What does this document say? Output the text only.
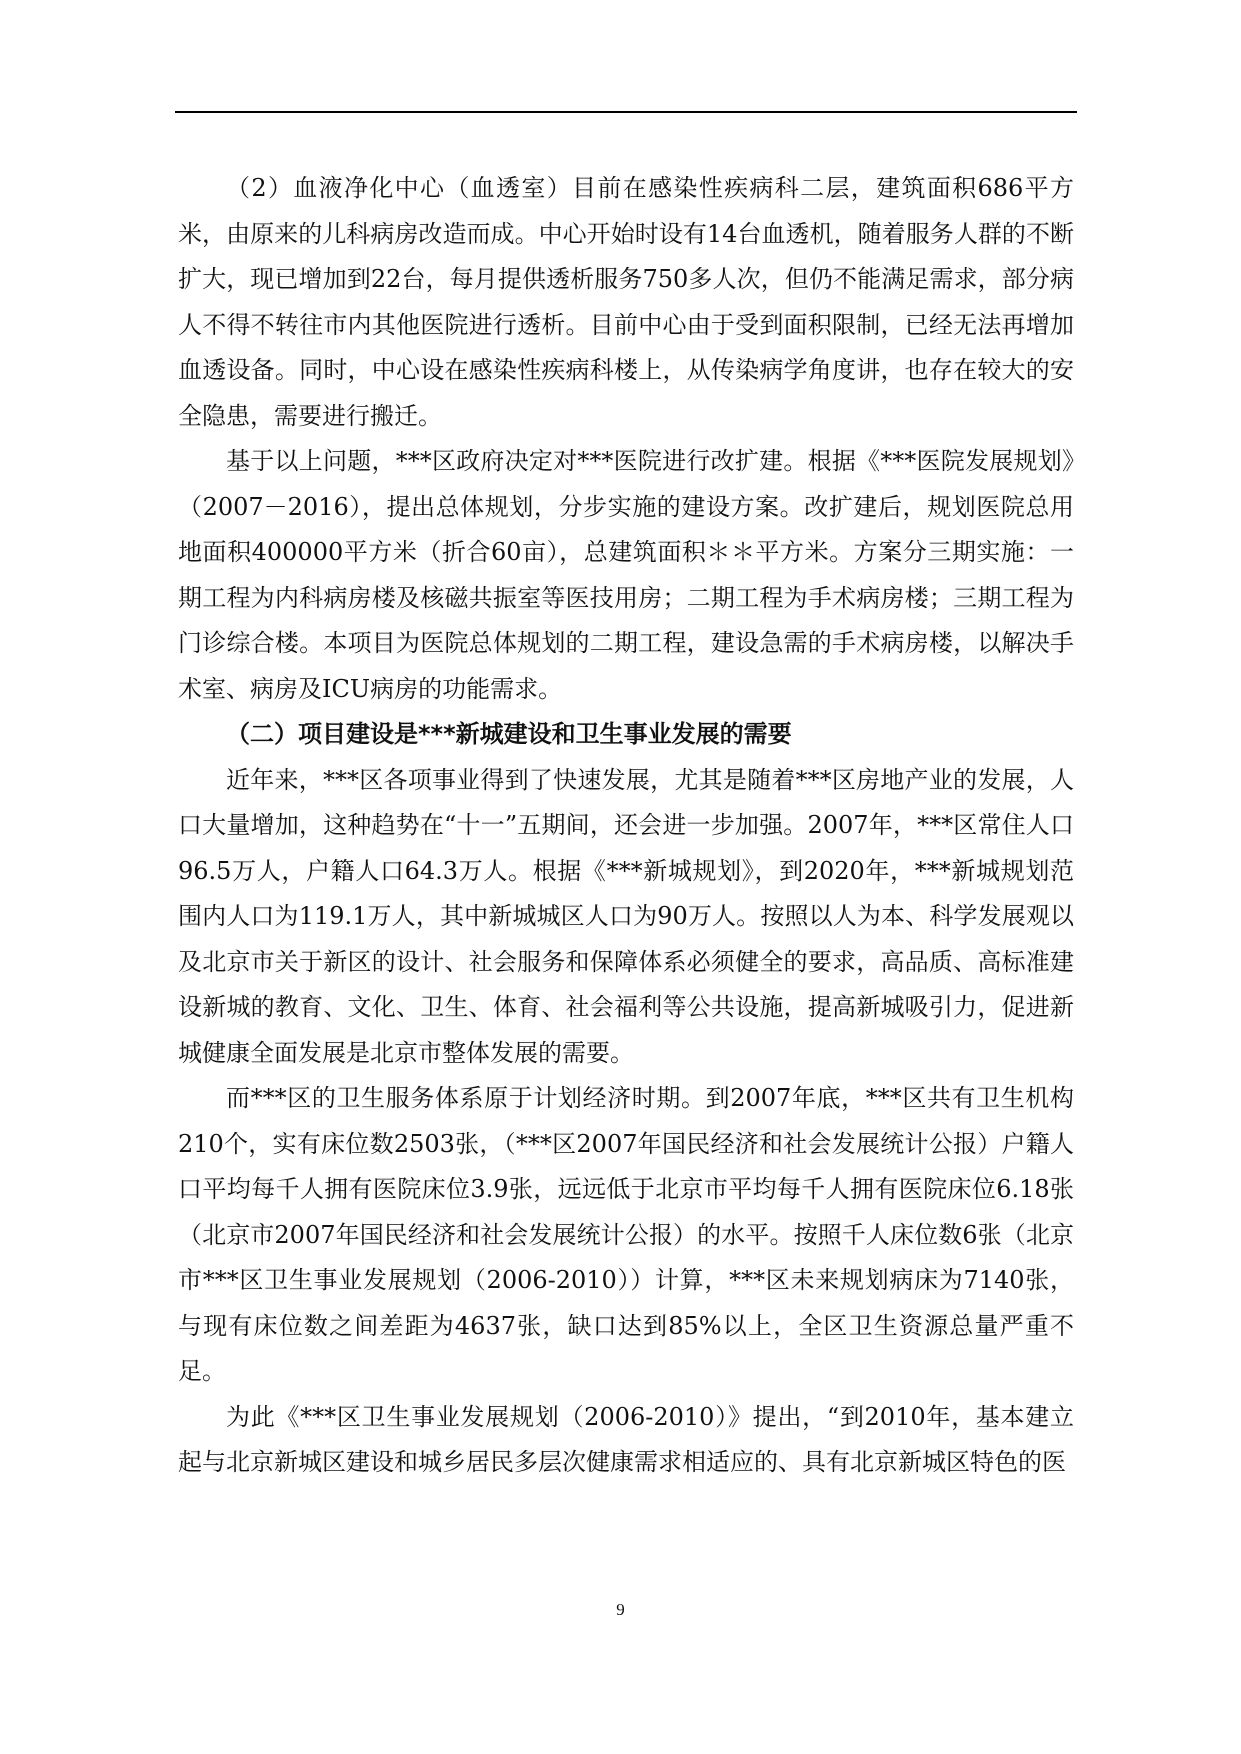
（2）血液净化中心（血透室）目前在感染性疾病科二层，建筑面积686平方米，由原来的儿科病房改造而成。中心开始时设有14台血透机，随着服务人群的不断扩大，现已增加到22台，每月提供透析服务750多人次，但仍不能满足需求，部分病人不得不转往市内其他医院进行透析。目前中心由于受到面积限制，已经无法再增加血透设备。同时，中心设在感染性疾病科楼上，从传染病学角度讲，也存在较大的安全隐患，需要进行搬迁。

基于以上问题，***区政府决定对***医院进行改扩建。根据《***医院发展规划》（2007－2016），提出总体规划，分步实施的建设方案。改扩建后，规划医院总用地面积400000平方米（折合60亩），总建筑面积＊＊平方米。方案分三期实施：一期工程为内科病房楼及核磁共振室等医技用房；二期工程为手术病房楼；三期工程为门诊综合楼。本项目为医院总体规划的二期工程，建设急需的手术病房楼，以解决手术室、病房及ICU病房的功能需求。

（二）项目建设是***新城建设和卫生事业发展的需要

近年来，***区各项事业得到了快速发展，尤其是随着***区房地产业的发展，人口大量增加，这种趋势在“十一”五期间，还会进一步加强。2007年，***区常住人口96.5万人，户籍人口64.3万人。根据《***新城规划》，到2020年，***新城规划范围内人口为119.1万人，其中新城城区人口为90万人。按照以人为本、科学发展观以及北京市关于新区的设计、社会服务和保障体系必须健全的要求，高品质、高标准建设新城的教育、文化、卫生、体育、社会福利等公共设施，提高新城吸引力，促进新城健康全面发展是北京市整体发展的需要。

而***区的卫生服务体系原于计划经济时期。到2007年底，***区共有卫生机构210个，实有床位数2503张，（***区2007年国民经济和社会发展统计公报）户籍人口平均每千人拥有医院床位3.9张，远远低于北京市平均每千人拥有医院床位6.18张（北京市2007年国民经济和社会发展统计公报）的水平。按照千人床位数6张（北京市***区卫生事业发展规划（2006-2010））计算，***区未来规划病床为7140张，与现有床位数之间差距为4637张，缺口达到85%以上，全区卫生资源总量严重不足。

为此《***区卫生事业发展规划（2006-2010）》提出，“到2010年，基本建立起与北京新城区建设和城乡居民多层次健康需求相适应的、具有北京新城区特色的医

9
